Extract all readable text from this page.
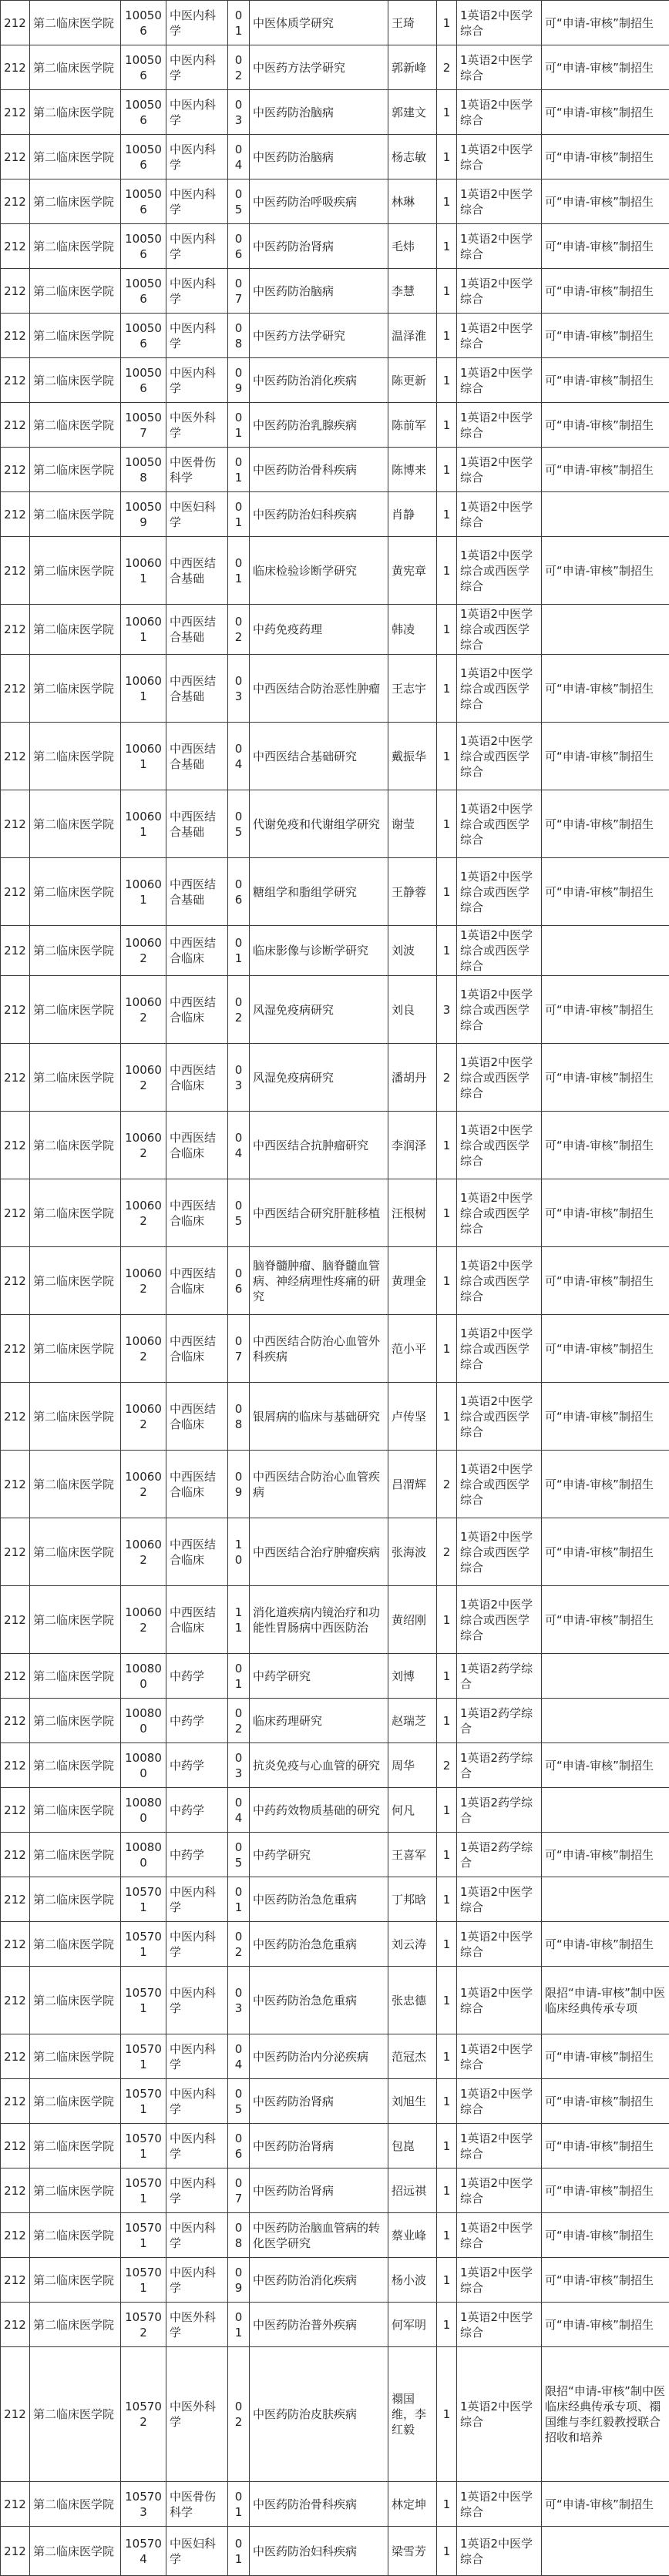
212	第二临床医学院	100506	中医内科学	01	中医体质学研究	王琦	1	1英语2中医学综合	可“申请-审核”制招生
212	第二临床医学院	100506	中医内科学	02	中医药方法学研究	郭新峰	2	1英语2中医学综合	可“申请-审核”制招生
212	第二临床医学院	100506	中医内科学	03	中医药防治脑病	郭建文	1	1英语2中医学综合	可“申请-审核”制招生
212	第二临床医学院	100506	中医内科学	04	中医药防治脑病	杨志敏	1	1英语2中医学综合	可“申请-审核”制招生
212	第二临床医学院	100506	中医内科学	05	中医药防治呼吸疾病	林琳	1	1英语2中医学综合	可“申请-审核”制招生
212	第二临床医学院	100506	中医内科学	06	中医药防治肾病	毛炜	1	1英语2中医学综合	可“申请-审核”制招生
212	第二临床医学院	100506	中医内科学	07	中医药防治脑病	李慧	1	1英语2中医学综合	可“申请-审核”制招生
212	第二临床医学院	100506	中医内科学	08	中医药方法学研究	温泽淮	1	1英语2中医学综合	可“申请-审核”制招生
212	第二临床医学院	100506	中医内科学	09	中医药防治消化疾病	陈更新	1	1英语2中医学综合	可“申请-审核”制招生
212	第二临床医学院	100507	中医外科学	01	中医药防治乳腺疾病	陈前军	1	1英语2中医学综合	可“申请-审核”制招生
212	第二临床医学院	100508	中医骨伤科学	01	中医药防治骨科疾病	陈博来	1	1英语2中医学综合	可“申请-审核”制招生
212	第二临床医学院	100509	中医妇科学	01	中医药防治妇科疾病	肖静	1	1英语2中医学综合	
212	第二临床医学院	100601	中西医结合基础	01	临床检验诊断学研究	黄宪章	1	1英语2中医学综合或西医学综合	可“申请-审核”制招生
212	第二临床医学院	100601	中西医结合基础	02	中药免疫药理	韩凌	1	1英语2中医学综合或西医学综合	
212	第二临床医学院	100601	中西医结合基础	03	中西医结合防治恶性肿瘤	王志宇	1	1英语2中医学综合或西医学综合	可“申请-审核”制招生
212	第二临床医学院	100601	中西医结合基础	04	中西医结合基础研究	戴振华	1	1英语2中医学综合或西医学综合	可“申请-审核”制招生
212	第二临床医学院	100601	中西医结合基础	05	代谢免疫和代谢组学研究	谢莹	1	1英语2中医学综合或西医学综合	可“申请-审核”制招生
212	第二临床医学院	100601	中西医结合基础	06	糖组学和脂组学研究	王静蓉	1	1英语2中医学综合或西医学综合	可“申请-审核”制招生
212	第二临床医学院	100602	中西医结合临床	01	临床影像与诊断学研究	刘波	1	1英语2中医学综合或西医学综合	
212	第二临床医学院	100602	中西医结合临床	02	风湿免疫病研究	刘良	3	1英语2中医学综合或西医学综合	可“申请-审核”制招生
212	第二临床医学院	100602	中西医结合临床	03	风湿免疫病研究	潘胡丹	2	1英语2中医学综合或西医学综合	可“申请-审核”制招生
212	第二临床医学院	100602	中西医结合临床	04	中西医结合抗肿瘤研究	李润泽	1	1英语2中医学综合或西医学综合	可“申请-审核”制招生
212	第二临床医学院	100602	中西医结合临床	05	中西医结合研究肝脏移植	汪根树	1	1英语2中医学综合或西医学综合	可“申请-审核”制招生
212	第二临床医学院	100602	中西医结合临床	06	脑脊髓肿瘤、脑脊髓血管病、神经病理性疼痛的研究	黄理金	1	1英语2中医学综合或西医学综合	可“申请-审核”制招生
212	第二临床医学院	100602	中西医结合临床	07	中西医结合防治心血管外科疾病	范小平	1	1英语2中医学综合或西医学综合	可“申请-审核”制招生
212	第二临床医学院	100602	中西医结合临床	08	银屑病的临床与基础研究	卢传坚	1	1英语2中医学综合或西医学综合	可“申请-审核”制招生
212	第二临床医学院	100602	中西医结合临床	09	中西医结合防治心血管疾病	吕渭辉	2	1英语2中医学综合或西医学综合	可“申请-审核”制招生
212	第二临床医学院	100602	中西医结合临床	10	中西医结合治疗肿瘤疾病	张海波	2	1英语2中医学综合或西医学综合	可“申请-审核”制招生
212	第二临床医学院	100602	中西医结合临床	11	消化道疾病内镜治疗和功能性胃肠病中西医防治	黄绍刚	1	1英语2中医学综合或西医学综合	可“申请-审核”制招生
212	第二临床医学院	100800	中药学	01	中药学研究	刘博	1	1英语2药学综合	
212	第二临床医学院	100800	中药学	02	临床药理研究	赵瑞芝	1	1英语2药学综合	
212	第二临床医学院	100800	中药学	03	抗炎免疫与心血管的研究	周华	2	1英语2药学综合	可“申请-审核”制招生
212	第二临床医学院	100800	中药学	04	中药药效物质基础的研究	何凡	1	1英语2药学综合	
212	第二临床医学院	100800	中药学	05	中药学研究	王喜军	1	1英语2药学综合	可“申请-审核”制招生
212	第二临床医学院	105701	中医内科学	01	中医药防治急危重病	丁邦晗	1	1英语2中医学综合	
212	第二临床医学院	105701	中医内科学	02	中医药防治急危重病	刘云涛	1	1英语2中医学综合	可“申请-审核”制招生
212	第二临床医学院	105701	中医内科学	03	中医药防治急危重病	张忠德	1	1英语2中医学综合	限招“申请-审核”制中医临床经典传承专项
212	第二临床医学院	105701	中医内科学	04	中医药防治内分泌疾病	范冠杰	1	1英语2中医学综合	可“申请-审核”制招生
212	第二临床医学院	105701	中医内科学	05	中医药防治肾病	刘旭生	1	1英语2中医学综合	可“申请-审核”制招生
212	第二临床医学院	105701	中医内科学	06	中医药防治肾病	包崑	1	1英语2中医学综合	可“申请-审核”制招生
212	第二临床医学院	105701	中医内科学	07	中医药防治肾病	招远祺	1	1英语2中医学综合	可“申请-审核”制招生
212	第二临床医学院	105701	中医内科学	08	中医药防治脑血管病的转化医学研究	蔡业峰	1	1英语2中医学综合	可“申请-审核”制招生
212	第二临床医学院	105701	中医内科学	09	中医药防治消化疾病	杨小波	1	1英语2中医学综合	可“申请-审核”制招生
212	第二临床医学院	105702	中医外科学	01	中医药防治普外疾病	何军明	1	1英语2中医学综合	可“申请-审核”制招生
212	第二临床医学院	105702	中医外科学	02	中医药防治皮肤疾病	禤国维，李红毅	1	1英语2中医学综合	限招“申请-审核”制中医临床经典传承专项、禤国维与李红毅教授联合招收和培养
212	第二临床医学院	105703	中医骨伤科学	01	中医药防治骨科疾病	林定坤	1	1英语2中医学综合	可“申请-审核”制招生
212	第二临床医学院	105704	中医妇科学	01	中医药防治妇科疾病	梁雪芳	1	1英语2中医学综合	
